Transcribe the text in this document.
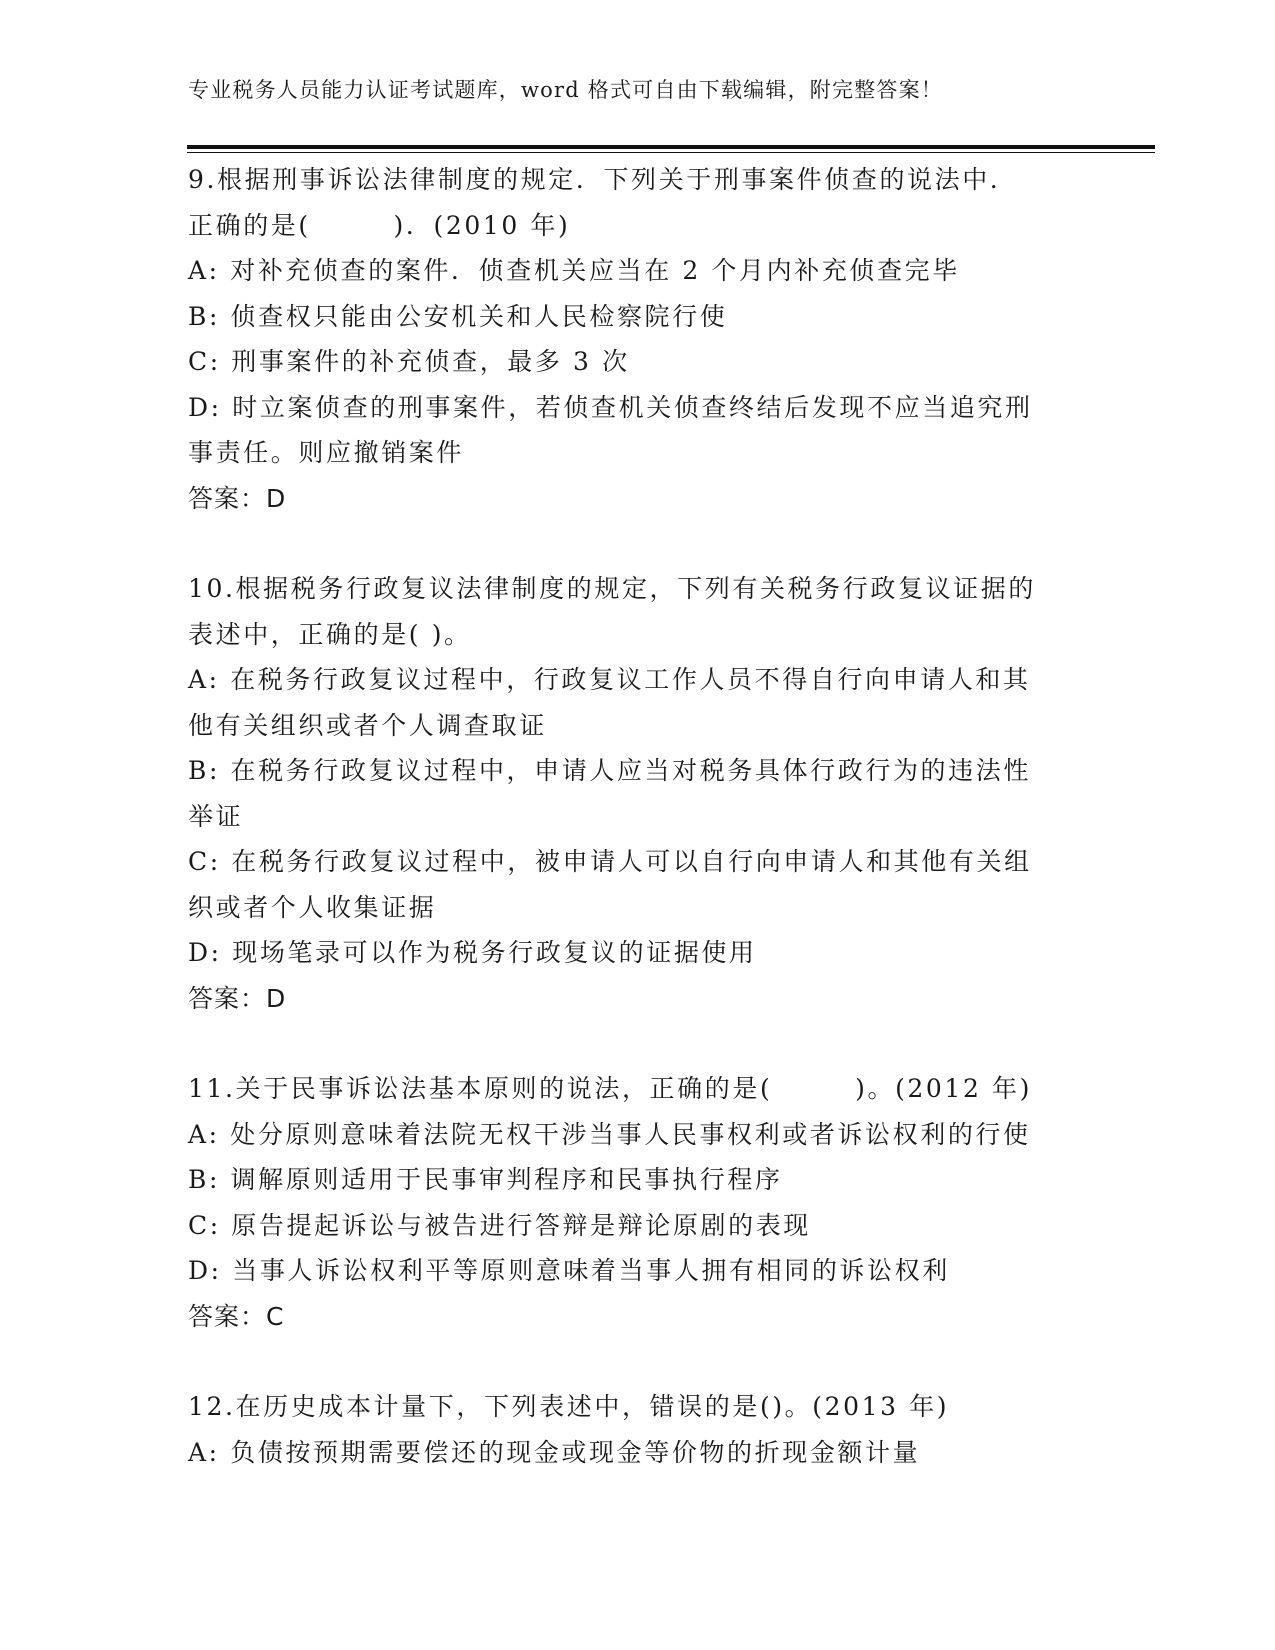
专业税务人员能力认证考试题库，word 格式可自由下载编辑，附完整答案！
9.根据刑事诉讼法律制度的规定．下列关于刑事案件侦查的说法中．
正确的是(　　　)．(2010 年)
A: 对补充侦查的案件．侦查机关应当在 2 个月内补充侦查完毕
B: 侦查权只能由公安机关和人民检察院行使
C: 刑事案件的补充侦查，最多 3 次
D: 时立案侦查的刑事案件，若侦查机关侦查终结后发现不应当追究刑
事责任。则应撤销案件
答案：D
10.根据税务行政复议法律制度的规定，下列有关税务行政复议证据的
表述中，正确的是( )。
A: 在税务行政复议过程中，行政复议工作人员不得自行向申请人和其
他有关组织或者个人调查取证
B: 在税务行政复议过程中，申请人应当对税务具体行政行为的违法性
举证
C: 在税务行政复议过程中，被申请人可以自行向申请人和其他有关组
织或者个人收集证据
D: 现场笔录可以作为税务行政复议的证据使用
答案：D
11.关于民事诉讼法基本原则的说法，正确的是(　　　)。(2012 年)
A: 处分原则意味着法院无权干涉当事人民事权利或者诉讼权利的行使
B: 调解原则适用于民事审判程序和民事执行程序
C: 原告提起诉讼与被告进行答辩是辩论原剧的表现
D: 当事人诉讼权利平等原则意味着当事人拥有相同的诉讼权利
答案：C
12.在历史成本计量下，下列表述中，错误的是()。(2013 年)
A: 负债按预期需要偿还的现金或现金等价物的折现金额计量
